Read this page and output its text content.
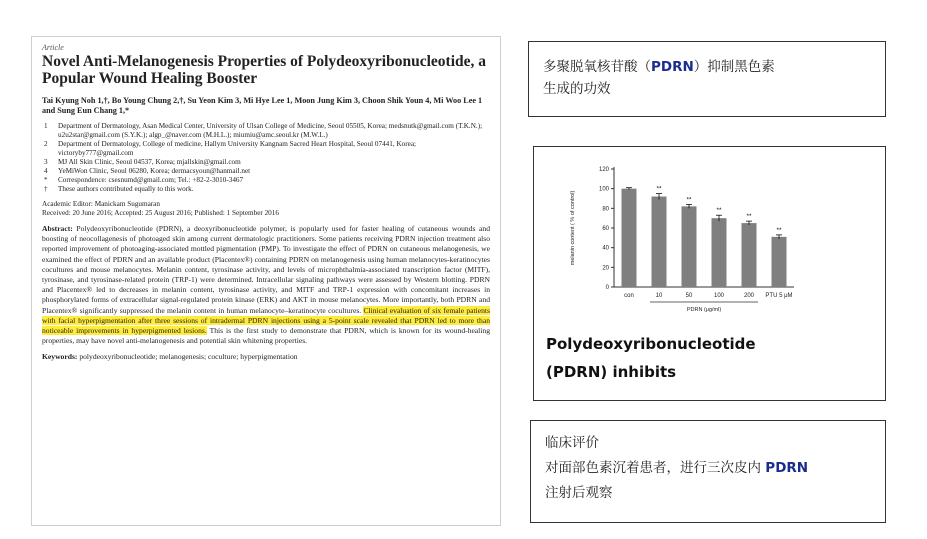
Article
Novel Anti-Melanogenesis Properties of Polydeoxyribonucleotide, a Popular Wound Healing Booster
Tai Kyung Noh 1,†, Bo Young Chung 2,†, Su Yeon Kim 3, Mi Hye Lee 1, Moon Jung Kim 3, Choon Shik Youn 4, Mi Woo Lee 1 and Sung Eun Chang 1,*
1	Department of Dermatology, Asan Medical Center, University of Ulsan College of Medicine, Seoul 05505, Korea; medsnutk@gmail.com (T.K.N.); u2u2star@gmail.com (S.Y.K.); algp_@naver.com (M.H.L.); miumiu@amc.seoul.kr (M.W.L.)
2	Department of Dermatology, College of medicine, Hallym University Kangnam Sacred Heart Hospital, Seoul 07441, Korea; victoryby777@gmail.com
3	MJ All Skin Clinic, Seoul 04537, Korea; mjallskin@gmail.com
4	YeMiWon Clinic, Seoul 06280, Korea; dermacsyoun@hanmail.net
*	Correspondence: csesnumd@gmail.com; Tel.: +82-2-3010-3467
†	These authors contributed equally to this work.
Academic Editor: Manickam Sugumaran
Received: 20 June 2016; Accepted: 25 August 2016; Published: 1 September 2016
Abstract: Polydeoxyribonucleotide (PDRN), a deoxyribonucleotide polymer, is popularly used for faster healing of cutaneous wounds and boosting of neocollagenesis of photoaged skin among current dermatologic practitioners. Some patients receiving PDRN injection treatment also reported improvement of photoaging-associated mottled pigmentation (PMP). To investigate the effect of PDRN on cutaneous melanogenesis, we examined the effect of PDRN and an available product (Placentex®) containing PDRN on melanogenesis using human melanocytes-keratinocytes cocultures and mouse melanocytes. Melanin content, tyrosinase activity, and levels of microphthalmia-associated transcription factor (MITF), tyrosinase, and tyrosinase-related protein (TRP-1) were determined. Intracellular signaling pathways were assessed by Western blotting. PDRN and Placentex® led to decreases in melanin content, tyrosinase activity, and MITF and TRP-1 expression with concomitant increases in phosphorylated forms of extracellular signal-regulated protein kinase (ERK) and AKT in mouse melanocytes. More importantly, both PDRN and Placentex® significantly suppressed the melanin content in human melanocyte–keratinocyte cocultures. Clinical evaluation of six female patients with facial hyperpigmentation after three sessions of intradermal PDRN injections using a 5-point scale revealed that PDRN led to more than noticeable improvements in hyperpigmented lesions. This is the first study to demonstrate that PDRN, which is known for its wound-healing properties, may have novel anti-melanogenesis and potential skin whitening properties.
Keywords: polydeoxyribonucleotide; melanogenesis; coculture; hyperpigmentation
多聚脱氧核苷酸（PDRN）抑制黑色素
生成的功效
0
20
40
60
80
100
120
melanin content ( % of control)
con
**
10
**
50
**
100
**
200
**
PTU 5 μM
PDRN (μg/ml)
Polydeoxyribonucleotide
(PDRN) inhibits
临床评价
对面部色素沉着患者，进行三次皮内 PDRN
注射后观察
